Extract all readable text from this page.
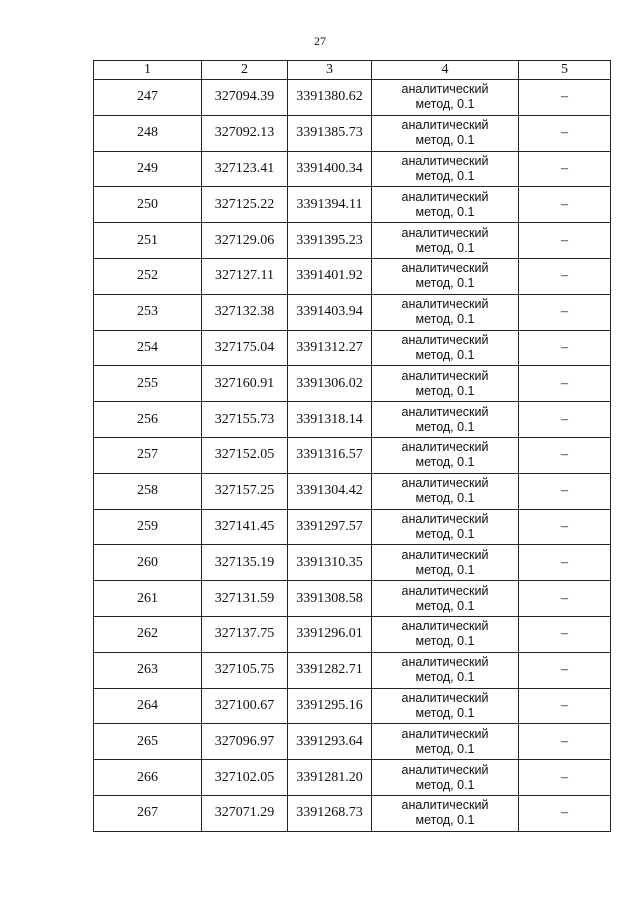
27
1	2	3	4	5
247	327094.39	3391380.62	аналитический
метод, 0.1	–
248	327092.13	3391385.73	аналитический
метод, 0.1	–
249	327123.41	3391400.34	аналитический
метод, 0.1	–
250	327125.22	3391394.11	аналитический
метод, 0.1	–
251	327129.06	3391395.23	аналитический
метод, 0.1	–
252	327127.11	3391401.92	аналитический
метод, 0.1	–
253	327132.38	3391403.94	аналитический
метод, 0.1	–
254	327175.04	3391312.27	аналитический
метод, 0.1	–
255	327160.91	3391306.02	аналитический
метод, 0.1	–
256	327155.73	3391318.14	аналитический
метод, 0.1	–
257	327152.05	3391316.57	аналитический
метод, 0.1	–
258	327157.25	3391304.42	аналитический
метод, 0.1	–
259	327141.45	3391297.57	аналитический
метод, 0.1	–
260	327135.19	3391310.35	аналитический
метод, 0.1	–
261	327131.59	3391308.58	аналитический
метод, 0.1	–
262	327137.75	3391296.01	аналитический
метод, 0.1	–
263	327105.75	3391282.71	аналитический
метод, 0.1	–
264	327100.67	3391295.16	аналитический
метод, 0.1	–
265	327096.97	3391293.64	аналитический
метод, 0.1	–
266	327102.05	3391281.20	аналитический
метод, 0.1	–
267	327071.29	3391268.73	аналитический
метод, 0.1	–
